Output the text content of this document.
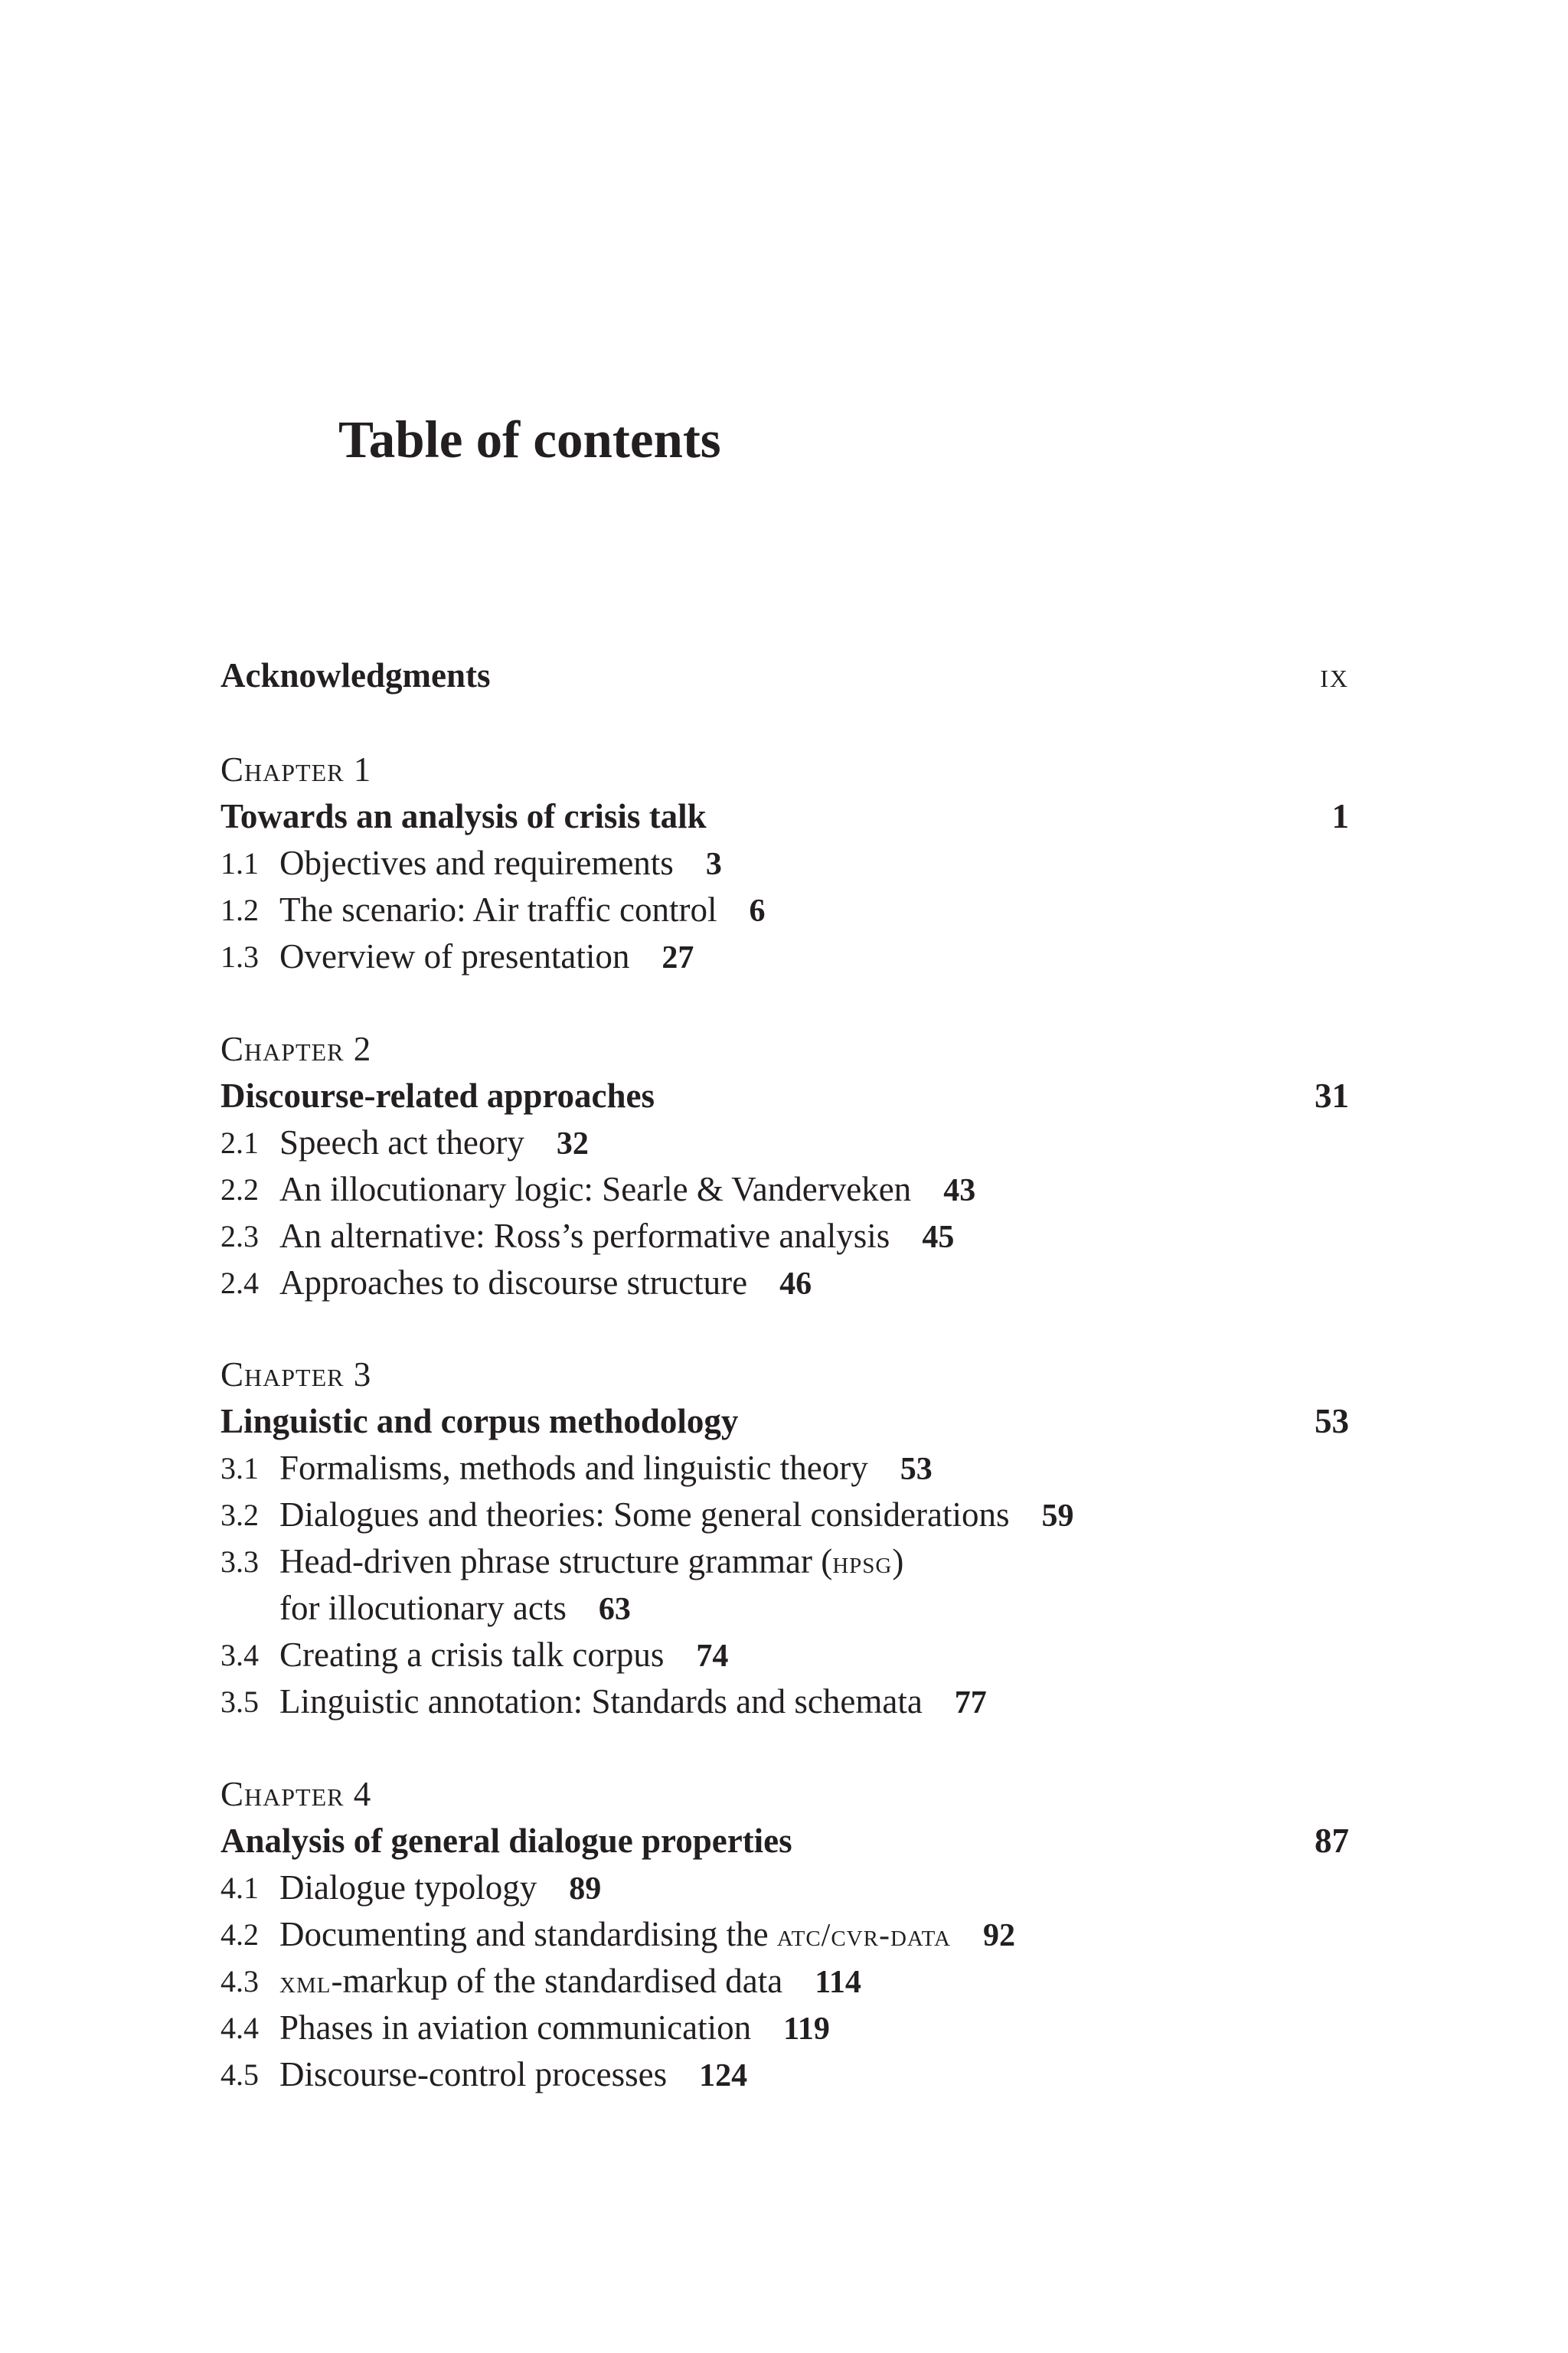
Table of contents
Acknowledgments	ix
Chapter 1
Towards an analysis of crisis talk	1
1.1 Objectives and requirements 3
1.2 The scenario: Air traffic control 6
1.3 Overview of presentation 27
Chapter 2
Discourse-related approaches	31
2.1 Speech act theory 32
2.2 An illocutionary logic: Searle & Vanderveken 43
2.3 An alternative: Ross’s performative analysis 45
2.4 Approaches to discourse structure 46
Chapter 3
Linguistic and corpus methodology	53
3.1 Formalisms, methods and linguistic theory 53
3.2 Dialogues and theories: Some general considerations 59
3.3 Head-driven phrase structure grammar (hpsg)
for illocutionary acts 63
3.4 Creating a crisis talk corpus 74
3.5 Linguistic annotation: Standards and schemata 77
Chapter 4
Analysis of general dialogue properties	87
4.1 Dialogue typology 89
4.2 Documenting and standardising the atc/cvr-data 92
4.3 xml-markup of the standardised data 114
4.4 Phases in aviation communication 119
4.5 Discourse-control processes 124
